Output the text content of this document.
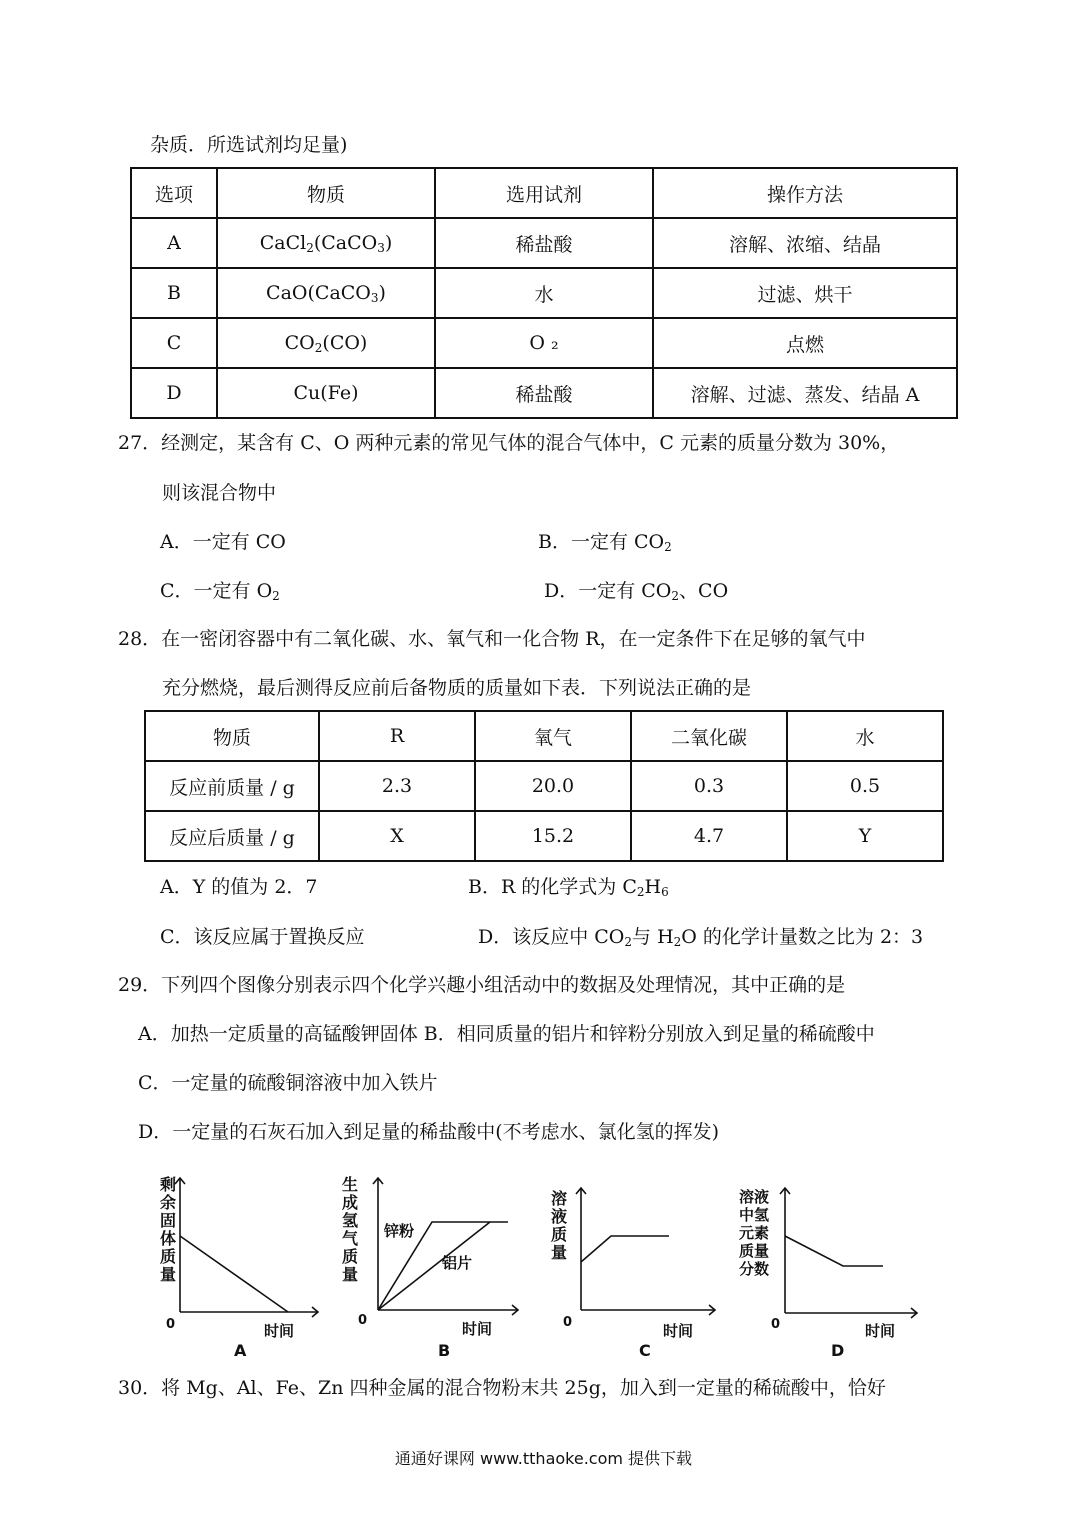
杂质．所选试剂均足量)
选项	物质	选用试剂	操作方法
A	CaCl$_2$(CaCO$_3$)	稀盐酸	溶解、浓缩、结晶
B	CaO(CaCO$_3$)	水	过滤、烘干
C	$CO_2(CO)$	O ₂	点燃
D	Cu(Fe)	稀盐酸	溶解、过滤、蒸发、结晶 A
27．经测定，某含有 C、O 两种元素的常见气体的混合气体中，C 元素的质量分数为 30%，
则该混合物中
A．一定有 CO	B．一定有 $CO_2$
C．一定有 $O_2$	D．一定有 $CO_2$、CO
28．在一密闭容器中有二氧化碳、水、氧气和一化合物 R，在一定条件下在足够的氧气中
充分燃烧，最后测得反应前后备物质的质量如下表．下列说法正确的是
物质	R	氧气	二氧化碳	水
反应前质量 / g	2.3	20.0	0.3	0.5
反应后质量 / g	X	15.2	4.7	Y
A．Y 的值为 2．7	B．R 的化学式为 $C_2H_6$
C．该反应属于置换反应	D．该反应中 $CO_2$与 $H_2O$ 的化学计量数之比为 2：3
29．下列四个图像分别表示四个化学兴趣小组活动中的数据及处理情况，其中正确的是
A．加热一定质量的高锰酸钾固体 B．相同质量的铝片和锌粉分别放入到足量的稀硫酸中
C．一定量的硫酸铜溶液中加入铁片
D．一定量的石灰石加入到足量的稀盐酸中(不考虑水、氯化氢的挥发)
剩
余
固
体
质
量
0	时间
A
生
成
氢
气
质
量
锌粉
铝片
0	时间
B
溶
液
质
量
0	时间
C
溶液
中氢
元素
质量
分数
0	时间
D
30．将 Mg、Al、Fe、Zn 四种金属的混合物粉末共 25g，加入到一定量的稀硫酸中，恰好
通通好课网 www.tthaoke.com 提供下载
